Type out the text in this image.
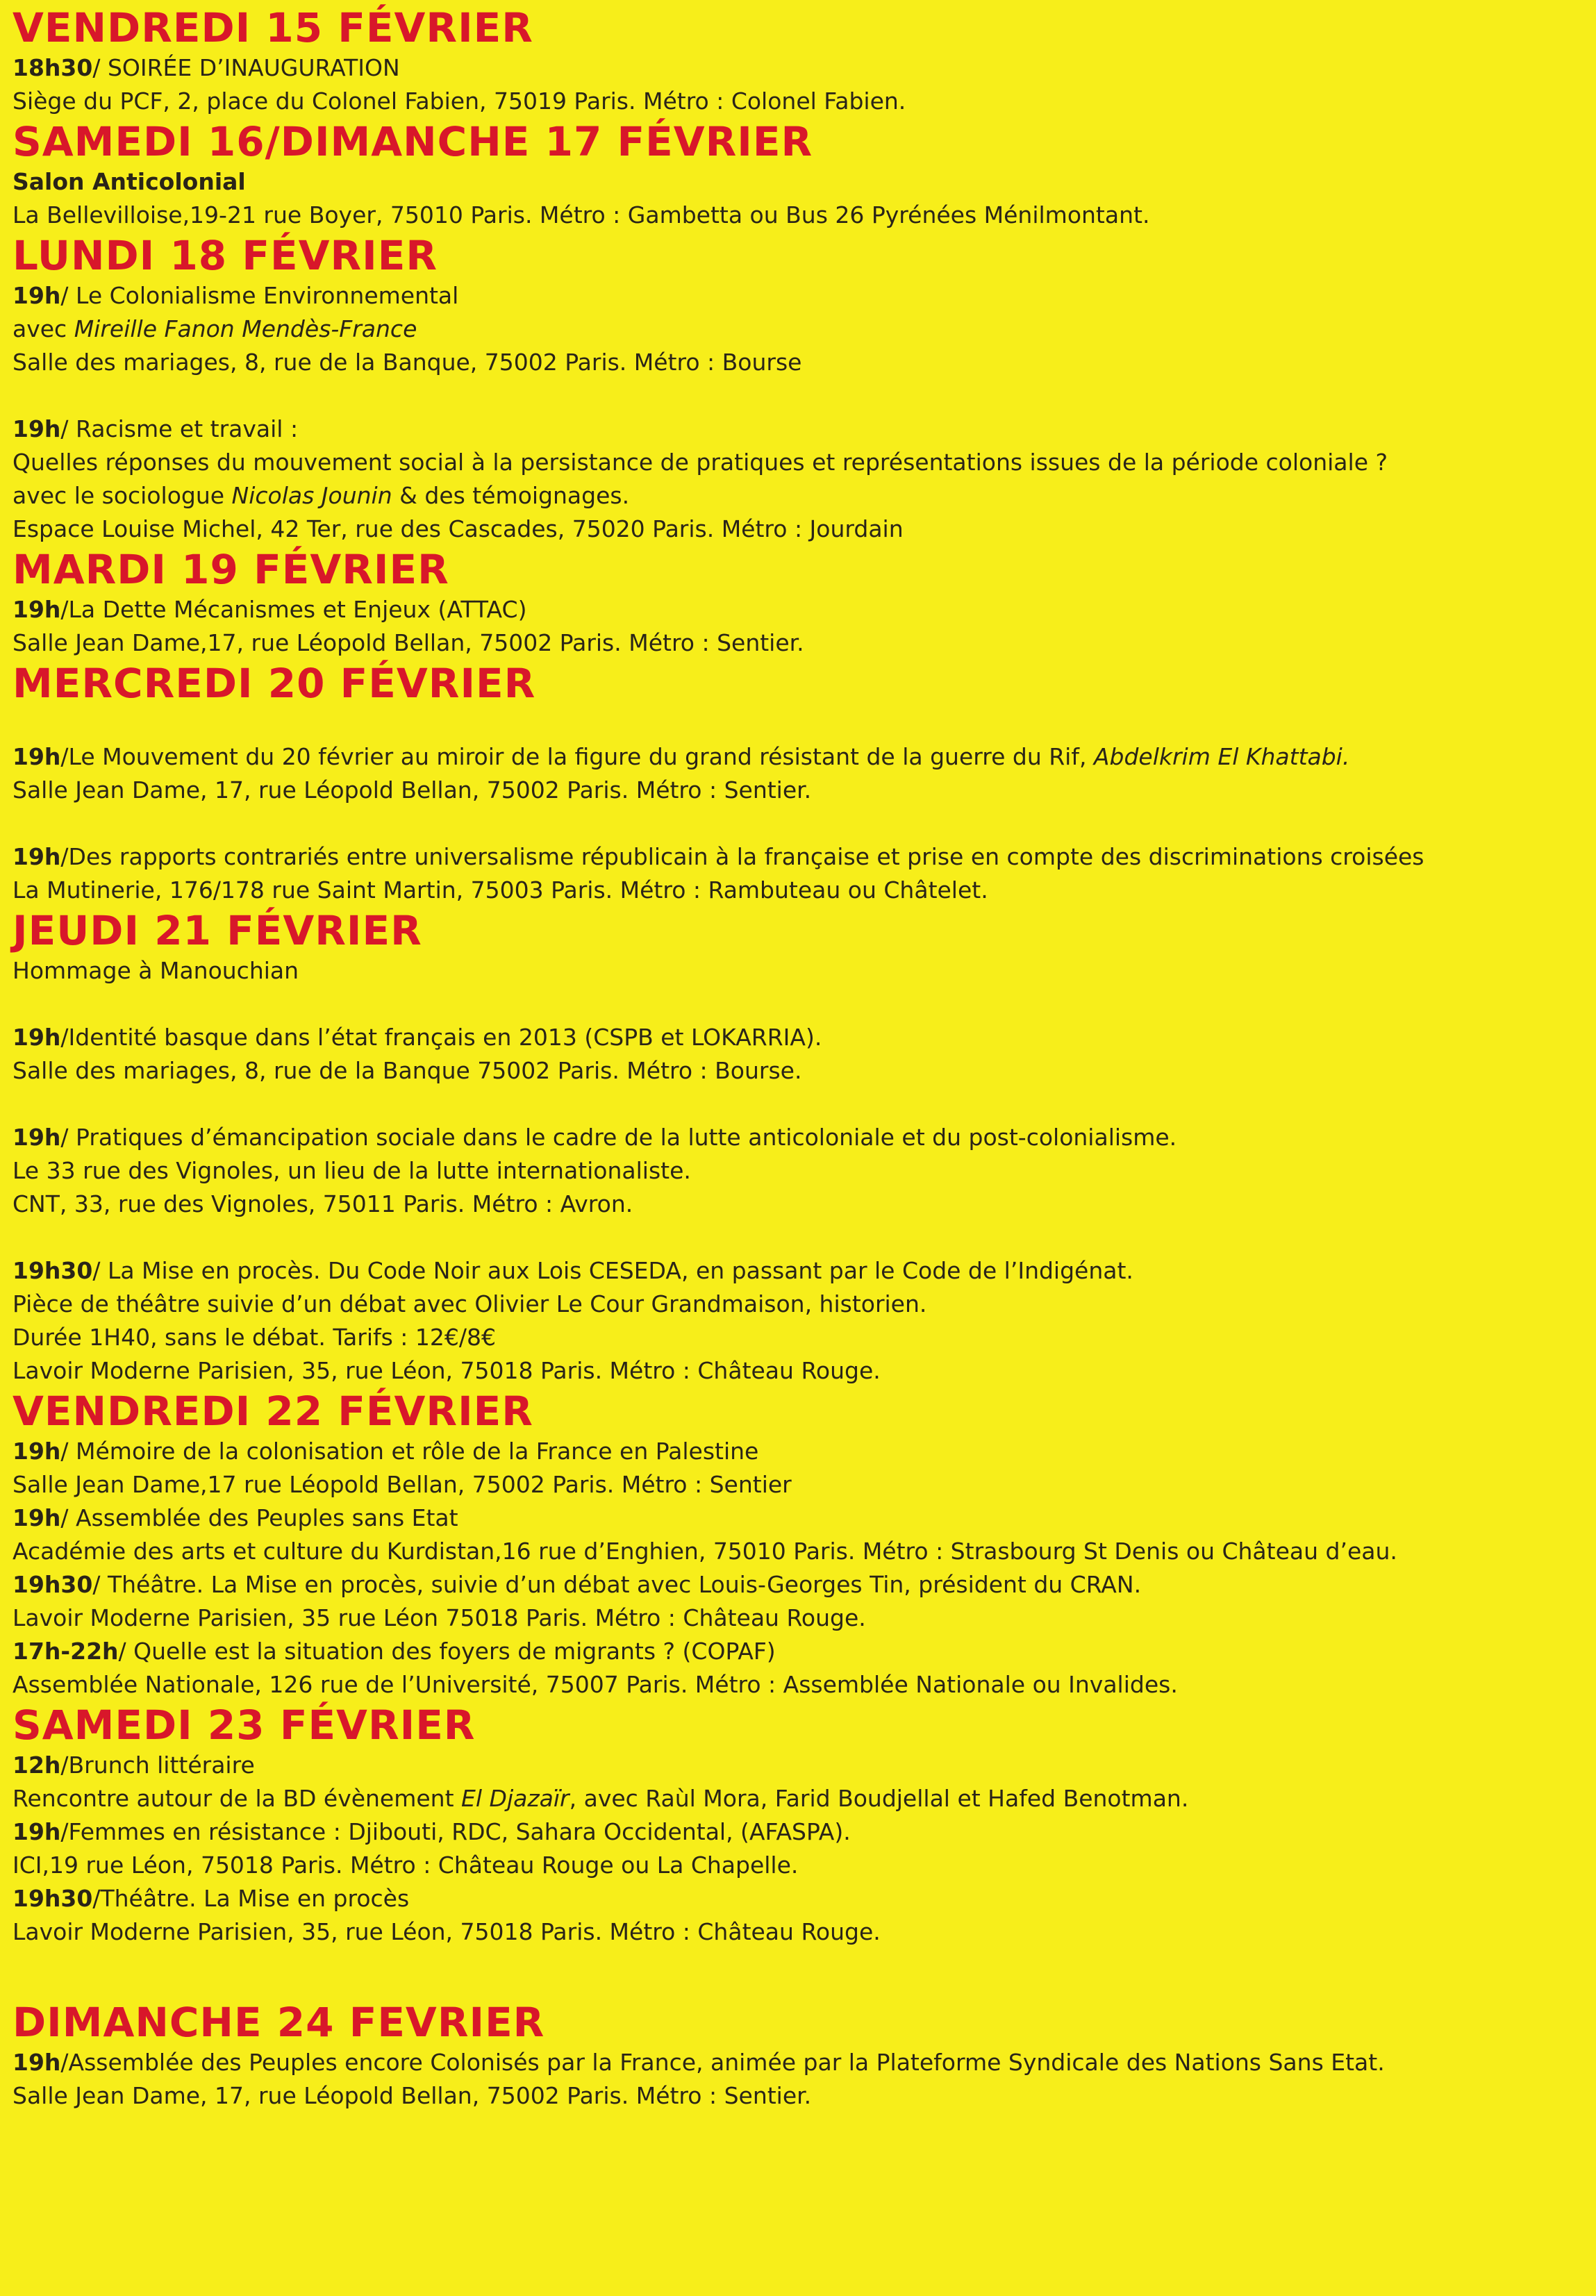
VENDREDI 15 FÉVRIER

18h30/ SOIRÉE D’INAUGURATION

Siège du PCF, 2, place du Colonel Fabien, 75019 Paris. Métro : Colonel Fabien.

SAMEDI 16/DIMANCHE 17 FÉVRIER

Salon Anticolonial

La Bellevilloise,19-21 rue Boyer, 75010 Paris. Métro : Gambetta ou Bus 26 Pyrénées Ménilmontant.

LUNDI 18 FÉVRIER

19h/ Le Colonialisme Environnemental

avec Mireille Fanon Mendès-France

Salle des mariages, 8, rue de la Banque, 75002 Paris. Métro : Bourse

19h/ Racisme et travail :

Quelles réponses du mouvement social à la persistance de pratiques et représentations issues de la période coloniale ?

avec le sociologue Nicolas Jounin & des témoignages.

Espace Louise Michel, 42 Ter, rue des Cascades, 75020 Paris. Métro : Jourdain

MARDI 19 FÉVRIER

19h/La Dette Mécanismes et Enjeux (ATTAC)

Salle Jean Dame,17, rue Léopold Bellan, 75002 Paris. Métro : Sentier.

MERCREDI 20 FÉVRIER

19h/Le Mouvement du 20 février au miroir de la figure du grand résistant de la guerre du Rif, Abdelkrim El Khattabi.

Salle Jean Dame, 17, rue Léopold Bellan, 75002 Paris. Métro : Sentier.

19h/Des rapports contrariés entre universalisme républicain à la française et prise en compte des discriminations croisées

La Mutinerie, 176/178 rue Saint Martin, 75003 Paris. Métro : Rambuteau ou Châtelet.

JEUDI 21 FÉVRIER

Hommage à Manouchian

19h/Identité basque dans l’état français en 2013 (CSPB et LOKARRIA).

Salle des mariages, 8, rue de la Banque 75002 Paris. Métro : Bourse.

19h/ Pratiques d’émancipation sociale dans le cadre de la lutte anticoloniale et du post-colonialisme.

Le 33 rue des Vignoles, un lieu de la lutte internationaliste.

CNT, 33, rue des Vignoles, 75011 Paris. Métro : Avron.

19h30/ La Mise en procès. Du Code Noir aux Lois CESEDA, en passant par le Code de l’Indigénat.

Pièce de théâtre suivie d’un débat avec Olivier Le Cour Grandmaison, historien.

Durée 1H40, sans le débat. Tarifs : 12€/8€

Lavoir Moderne Parisien, 35, rue Léon, 75018 Paris. Métro : Château Rouge.

VENDREDI 22 FÉVRIER

19h/ Mémoire de la colonisation et rôle de la France en Palestine

Salle Jean Dame,17 rue Léopold Bellan, 75002 Paris. Métro : Sentier

19h/ Assemblée des Peuples sans Etat

Académie des arts et culture du Kurdistan,16 rue d’Enghien, 75010 Paris. Métro : Strasbourg St Denis ou Château d’eau.

19h30/ Théâtre. La Mise en procès, suivie d’un débat avec Louis-Georges Tin, président du CRAN.

Lavoir Moderne Parisien, 35 rue Léon 75018 Paris. Métro : Château Rouge.

17h-22h/ Quelle est la situation des foyers de migrants ? (COPAF)

Assemblée Nationale, 126 rue de l’Université, 75007 Paris. Métro : Assemblée Nationale ou Invalides.

SAMEDI 23 FÉVRIER

12h/Brunch littéraire

Rencontre autour de la BD évènement El Djazaïr, avec Raùl Mora, Farid Boudjellal et Hafed Benotman.

19h/Femmes en résistance : Djibouti, RDC, Sahara Occidental, (AFASPA).

ICI,19 rue Léon, 75018 Paris. Métro : Château Rouge ou La Chapelle.

19h30/Théâtre. La Mise en procès

Lavoir Moderne Parisien, 35, rue Léon, 75018 Paris. Métro : Château Rouge.

DIMANCHE 24 FEVRIER

19h/Assemblée des Peuples encore Colonisés par la France, animée par la Plateforme Syndicale des Nations Sans Etat.

Salle Jean Dame, 17, rue Léopold Bellan, 75002 Paris. Métro : Sentier.
